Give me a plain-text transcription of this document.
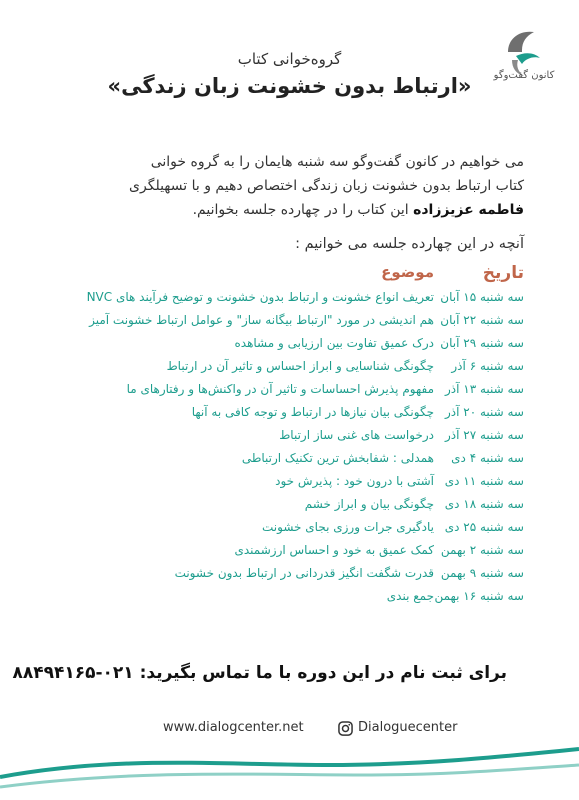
کانون گفت‌وگو
گروه‌خوانی کتاب
«ارتباط بدون خشونت زبان زندگی»
می خواهیم در کانون گفت‌وگو سه شنبه هایمان را به گروه خوانی
کتاب ارتباط بدون خشونت زبان زندگی اختصاص دهیم و با تسهیلگری
فاطمه عزیززاده این کتاب را در چهارده جلسه بخوانیم.
آنچه در این چهارده جلسه می خوانیم :
تاریخ
موضوع
سه شنبه ۱۵ آبان
تعریف انواع خشونت و ارتباط بدون خشونت و توضیح فرآیند های NVC
سه شنبه ۲۲ آبان
هم اندیشی در مورد "ارتباط بیگانه ساز" و عوامل ارتباط خشونت آمیز
سه شنبه ۲۹ آبان
درک عمیق تفاوت بین ارزیابی و مشاهده
سه شنبه ۶ آذر
چگونگی شناسایی و ابراز احساس و تاثیر آن در ارتباط
سه شنبه ۱۳ آذر
مفهوم پذیرش احساسات و تاثیر آن در واکنش‌ها و رفتارهای ما
سه شنبه ۲۰ آذر
چگونگی بیان نیازها در ارتباط و توجه کافی به آنها
سه شنبه ۲۷ آذر
درخواست های غنی ساز ارتباط
سه شنبه ۴ دی
همدلی : شفابخش ترین تکنیک ارتباطی
سه شنبه ۱۱ دی
آشتی با درون خود : پذیرش خود
سه شنبه ۱۸ دی
چگونگی بیان و ابراز خشم
سه شنبه ۲۵ دی
یادگیری جرات ورزی بجای خشونت
سه شنبه ۲ بهمن
کمک عمیق به خود و احساس ارزشمندی
سه شنبه ۹ بهمن
قدرت شگفت انگیز قدردانی در ارتباط بدون خشونت
سه شنبه ۱۶ بهمن
جمع بندی
برای ثبت نام در این دوره با ما تماس بگیرید: ۰۲۱-۸۸۴۹۴۱۶۵
www.dialogcenter.net	Dialoguecenter
